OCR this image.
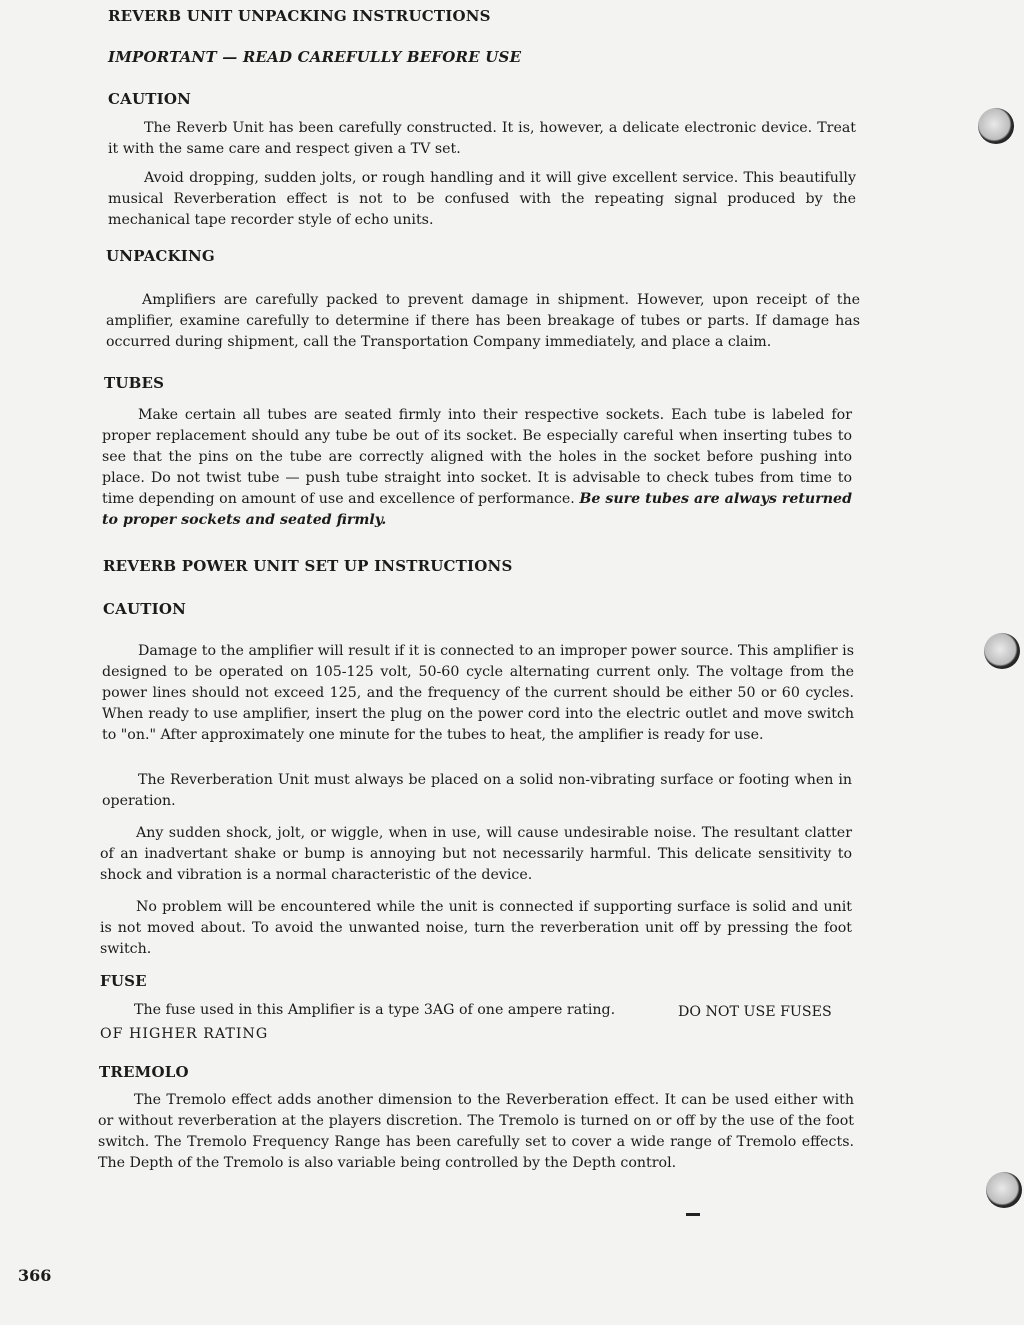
REVERB UNIT UNPACKING INSTRUCTIONS
IMPORTANT — READ CAREFULLY BEFORE USE
CAUTION

The Reverb Unit has been carefully constructed. It is, however, a delicate electronic device. Treat it with the same care and respect given a TV set.

Avoid dropping, sudden jolts, or rough handling and it will give excellent service. This beautifully musical Reverberation effect is not to be confused with the repeating signal produced by the mechanical tape recorder style of echo units.

UNPACKING

Amplifiers are carefully packed to prevent damage in shipment. However, upon receipt of the amplifier, examine carefully to determine if there has been breakage of tubes or parts. If damage has occurred during shipment, call the Transportation Company immediately, and place a claim.

TUBES

Make certain all tubes are seated firmly into their respective sockets. Each tube is labeled for proper replacement should any tube be out of its socket. Be especially careful when inserting tubes to see that the pins on the tube are correctly aligned with the holes in the socket before pushing into place. Do not twist tube — push tube straight into socket. It is advisable to check tubes from time to time depending on amount of use and excellence of performance. Be sure tubes are always returned to proper sockets and seated firmly.

REVERB POWER UNIT SET UP INSTRUCTIONS
CAUTION

Damage to the amplifier will result if it is connected to an improper power source. This amplifier is designed to be operated on 105-125 volt, 50-60 cycle alternating current only. The voltage from the power lines should not exceed 125, and the frequency of the current should be either 50 or 60 cycles. When ready to use amplifier, insert the plug on the power cord into the electric outlet and move switch to "on." After approximately one minute for the tubes to heat, the amplifier is ready for use.

The Reverberation Unit must always be placed on a solid non-vibrating surface or footing when in operation.

Any sudden shock, jolt, or wiggle, when in use, will cause undesirable noise. The resultant clatter of an inadvertant shake or bump is annoying but not necessarily harmful. This delicate sensitivity to shock and vibration is a normal characteristic of the device.

No problem will be encountered while the unit is connected if supporting surface is solid and unit is not moved about. To avoid the unwanted noise, turn the reverberation unit off by pressing the foot switch.

FUSE

The fuse used in this Amplifier is a type 3AG of one ampere rating.	DO NOT USE FUSES

OF HIGHER RATING

TREMOLO

The Tremolo effect adds another dimension to the Reverberation effect. It can be used either with or without reverberation at the players discretion. The Tremolo is turned on or off by the use of the foot switch. The Tremolo Frequency Range has been carefully set to cover a wide range of Tremolo effects. The Depth of the Tremolo is also variable being controlled by the Depth control.

366
